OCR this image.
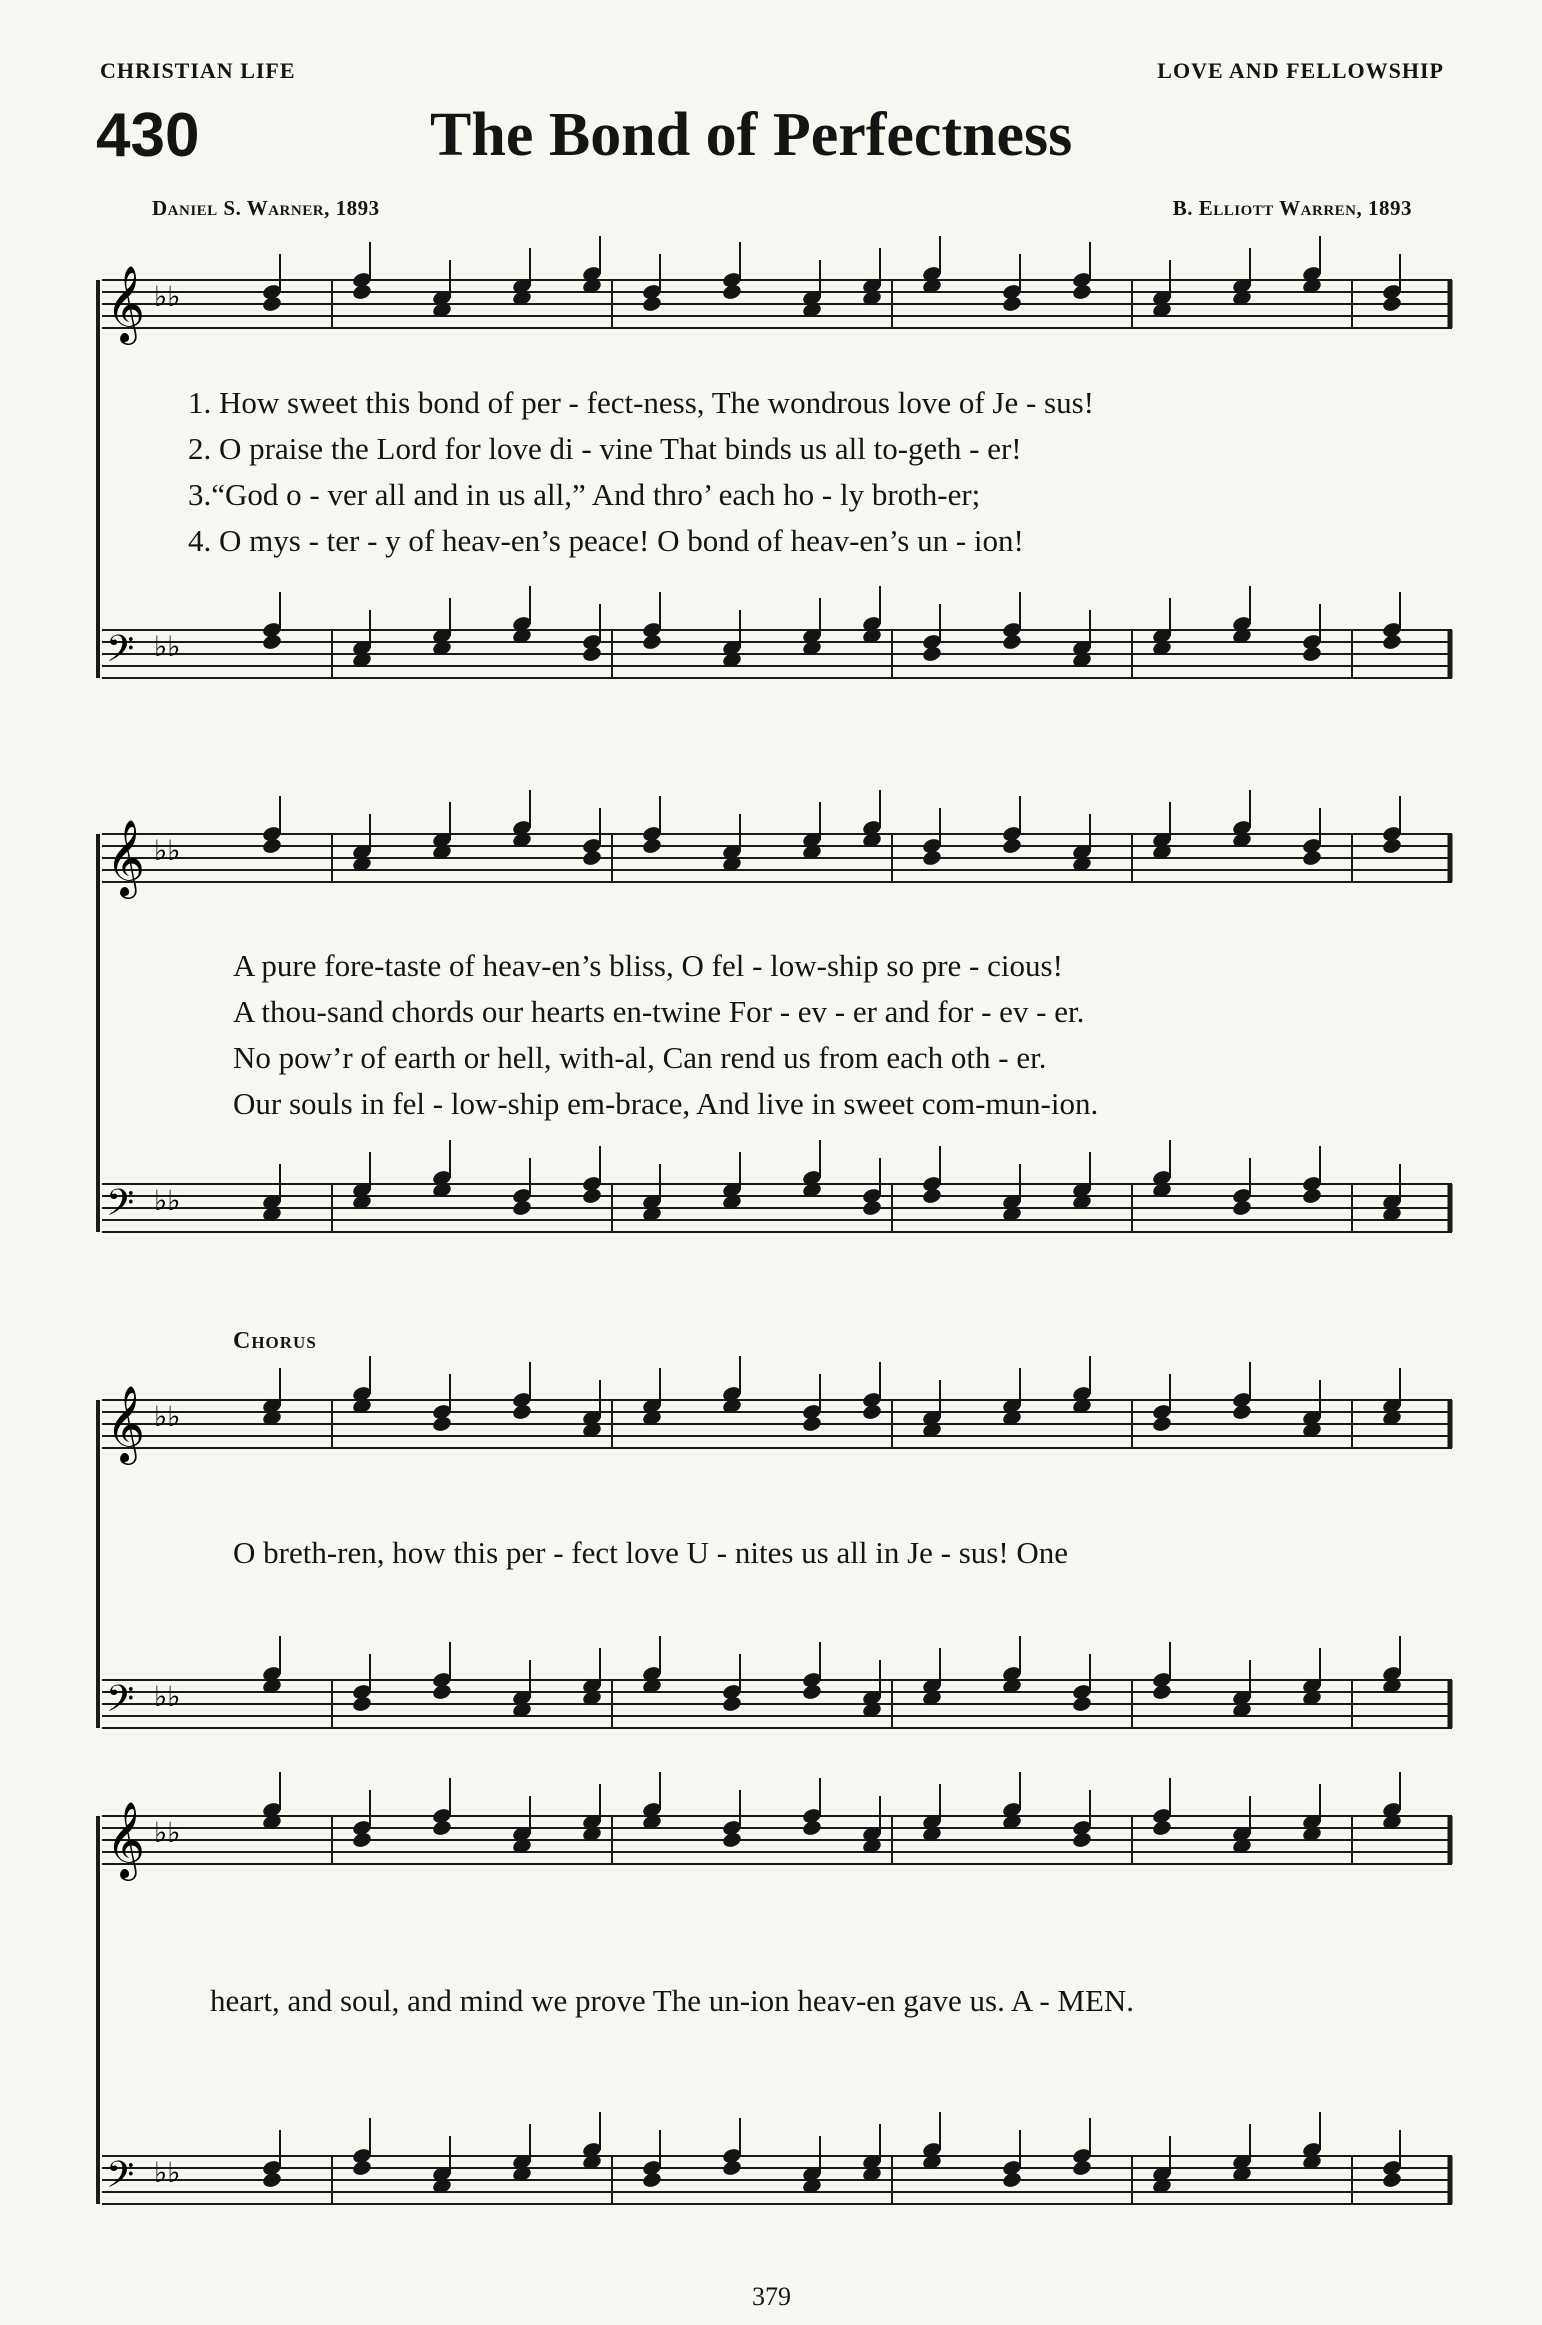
CHRISTIAN LIFE	LOVE AND FELLOWSHIP
430	The Bond of Perfectness
Daniel S. Warner, 1893	B. Elliott Warren, 1893
𝄞 ♭♭
𝄢 ♭♭
1. How sweet this bond of per - fect-ness, The wondrous love of Je - sus!
2. O praise the Lord for love di - vine That binds us all to-geth - er!
3.“God o - ver all and in us all,” And thro’ each ho - ly broth-er;
4. O mys - ter - y of heav-en’s peace! O bond of heav-en’s un - ion!
𝄞 ♭♭
𝄢 ♭♭
A pure fore-taste of heav-en’s bliss, O fel - low-ship so pre - cious!
A thou-sand chords our hearts en-twine For - ev - er and for - ev - er.
No pow’r of earth or hell, with-al, Can rend us from each oth - er.
Our souls in fel - low-ship em-brace, And live in sweet com-mun-ion.
Chorus
𝄞 ♭♭
𝄢 ♭♭
O breth-ren, how this per - fect love U - nites us all in Je - sus! One
𝄞 ♭♭
𝄢 ♭♭
heart, and soul, and mind we prove The un-ion heav-en gave us. A - MEN.
379
